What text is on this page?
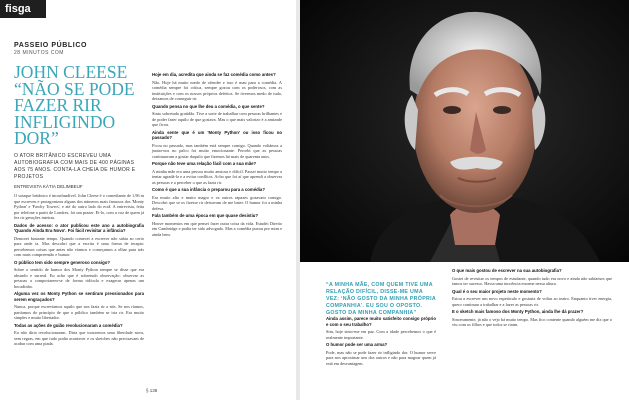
fisga
PASSEIO PÚBLICO
28 MINUTOS COM
JOHN CLEESE
“NÃO SE PODE
FAZER RIR
INFLIGINDO
DOR”
O ATOR BRITÂNICO ESCREVEU UMA AUTOBIOGRAFIA COM MAIS DE 400 PÁGINAS AOS 75 ANOS. CONTA-LA CHEIA DE HUMOR E PROJETOS
ENTREVISTA KÁTIA DELIMBEUF

O sotaque britânico é inconfundível. John Cleese é o comediante de 1,96 m que escreveu e protagonizou alguns dos números mais famosos dos 'Monty Python' e 'Fawlty Towers', e até do outro lado do ecrã. A entrevista, feita por telefone a partir de Londres, foi um prazer. Ei-lo, com a voz de quem já fez rir gerações inteiras.

Dados de acesso: o ator publicou este ano a autobiografia 'Quando Ainda Era Novo'. Foi fácil revisitar a infância?

Demorei bastante tempo. Quando comecei a escrever não sabia ao certo para onde ia. Mas descobri que a escrita é uma forma de terapia: percebemos coisas que antes não víamos e começamos a olhar para trás com mais compreensão e humor.

O público tem sido sempre generoso consigo?

Sobre o sentido de humor dos Monty Python sempre se disse que era absurdo e surreal. Eu acho que é sobretudo observação: observar as pessoas a comportarem-se de forma ridícula e exagerar apenas um bocadinho.

Alguma vez os Monty Python se sentiram pressionados para serem engraçados?

Nunca, porque escrevíamos aquilo que nos fazia rir a nós. Se nos ríamos, partíamos do princípio de que o público também se iria rir. Era muito simples e muito libertador.

Todas as ações de guião revolucionaram a comédia?

Eu não diria revolucionaram. Diria que trouxemos uma liberdade nova, sem regras, em que tudo podia acontecer e os sketches não precisavam de acabar com uma piada.

Hoje em dia, acredita que ainda se faz comédia como antes?

Não. Hoje há muito medo de ofender e isso é mau para a comédia. A comédia sempre foi crítica, sempre gozou com os poderosos, com as instituições e com os nossos próprios defeitos. Se tivermos medo de tudo, deixamos de conseguir rir.

Quando pensa no que lhe deu a comédia, o que sente?

Sinto sobretudo gratidão. Tive a sorte de trabalhar com pessoas brilhantes e de poder fazer aquilo de que gostava. Mas o que mais valorizo é a amizade que ficou.

Ainda sente que é um 'Monty Python' ou isso ficou no passado?

Ficou no passado, mas também está sempre comigo. Quando voltámos a juntar-nos no palco foi muito emocionante. Percebi que as pessoas continuavam a gostar daquilo que fizemos há mais de quarenta anos.

Porque não teve uma relação fácil com a sua mãe?

A minha mãe era uma pessoa muito ansiosa e difícil. Passei muito tempo a tentar agradá-la e a evitar conflitos. Acho que foi aí que aprendi a observar as pessoas e a perceber o que as fazia rir.

Como é que a sua infância o preparou para a comédia?

Era muito alto e muito magro e os outros rapazes gozavam comigo. Descobri que se os fizesse rir deixavam de me bater. O humor foi a minha defesa.

Fala também de uma época em que quase desistiu?

Houve momentos em que pensei fazer outra coisa da vida. Estudei Direito em Cambridge e podia ter sido advogado. Mas a comédia puxou por mim e ainda bem.

§ 138
“A MINHA MÃE, COM QUEM TIVE UMA RELAÇÃO DIFÍCIL, DISSE-ME UMA VEZ: ‘NÃO GOSTO DA MINHA PRÓPRIA COMPANHIA’. EU SOU O OPOSTO. GOSTO DA MINHA COMPANHIA”

Ainda assim, parece muito satisfeito consigo próprio e com o seu trabalho?

Sim, hoje sinto-me em paz. Com a idade percebemos o que é realmente importante.

O humor pode ser uma arma?

Pode, mas não se pode fazer rir infligindo dor. O humor serve para nos aproximar uns dos outros e não para magoar quem já está em desvantagem.

O que mais gostou de escrever na sua autobiografia?

Gostei de revisitar os tempos de estudante, quando tudo era novo e ainda não sabíamos que íamos ter sucesso. Havia uma inocência enorme nessa altura.

Qual é o seu maior projeto neste momento?

Estou a escrever um novo espetáculo e gostaria de voltar ao teatro. Enquanto tiver energia, quero continuar a trabalhar e a fazer as pessoas rir.

E o sketch mais famoso dos Monty Python, ainda lhe dá prazer?

Sinceramente, já não o vejo há muito tempo. Mas fico contente quando alguém me diz que o viu com os filhos e que todos se riram.
